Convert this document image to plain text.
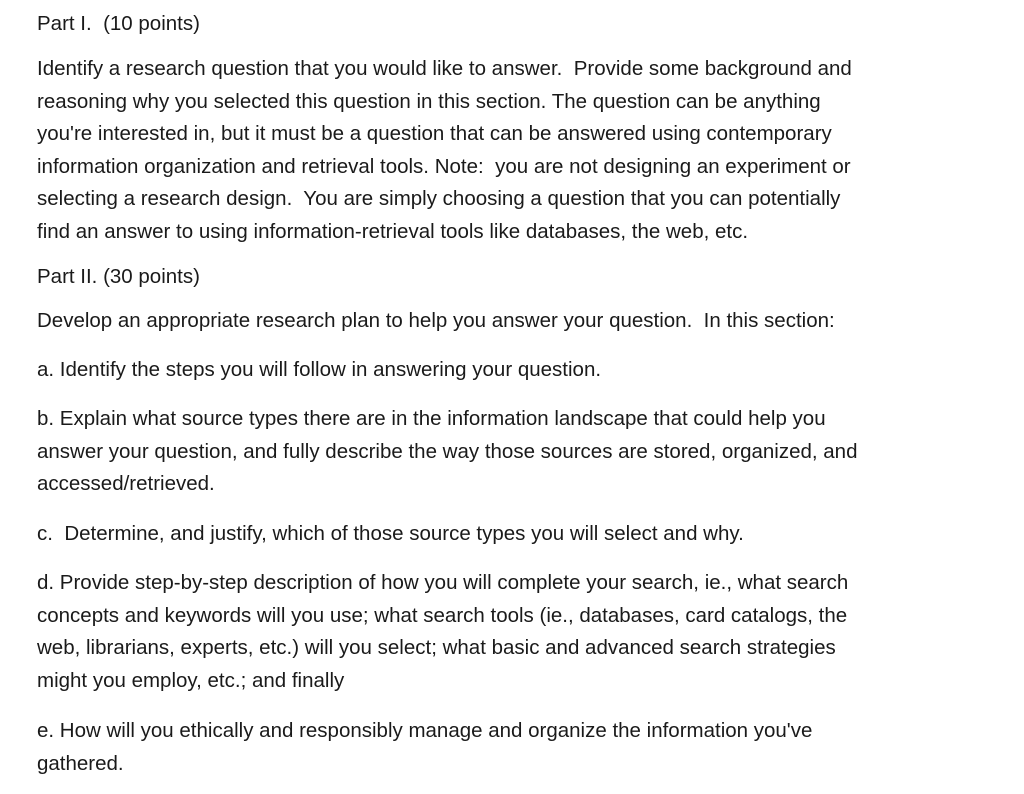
Part I.  (10 points)
Identify a research question that you would like to answer.  Provide some background and
reasoning why you selected this question in this section. The question can be anything
you're interested in, but it must be a question that can be answered using contemporary
information organization and retrieval tools. Note:  you are not designing an experiment or
selecting a research design.  You are simply choosing a question that you can potentially
find an answer to using information-retrieval tools like databases, the web, etc.
Part II. (30 points)
Develop an appropriate research plan to help you answer your question.  In this section:
a. Identify the steps you will follow in answering your question.
b. Explain what source types there are in the information landscape that could help you
answer your question, and fully describe the way those sources are stored, organized, and
accessed/retrieved.
c.  Determine, and justify, which of those source types you will select and why.
d. Provide step-by-step description of how you will complete your search, ie., what search
concepts and keywords will you use; what search tools (ie., databases, card catalogs, the
web, librarians, experts, etc.) will you select; what basic and advanced search strategies
might you employ, etc.; and finally
e. How will you ethically and responsibly manage and organize the information you've
gathered.
